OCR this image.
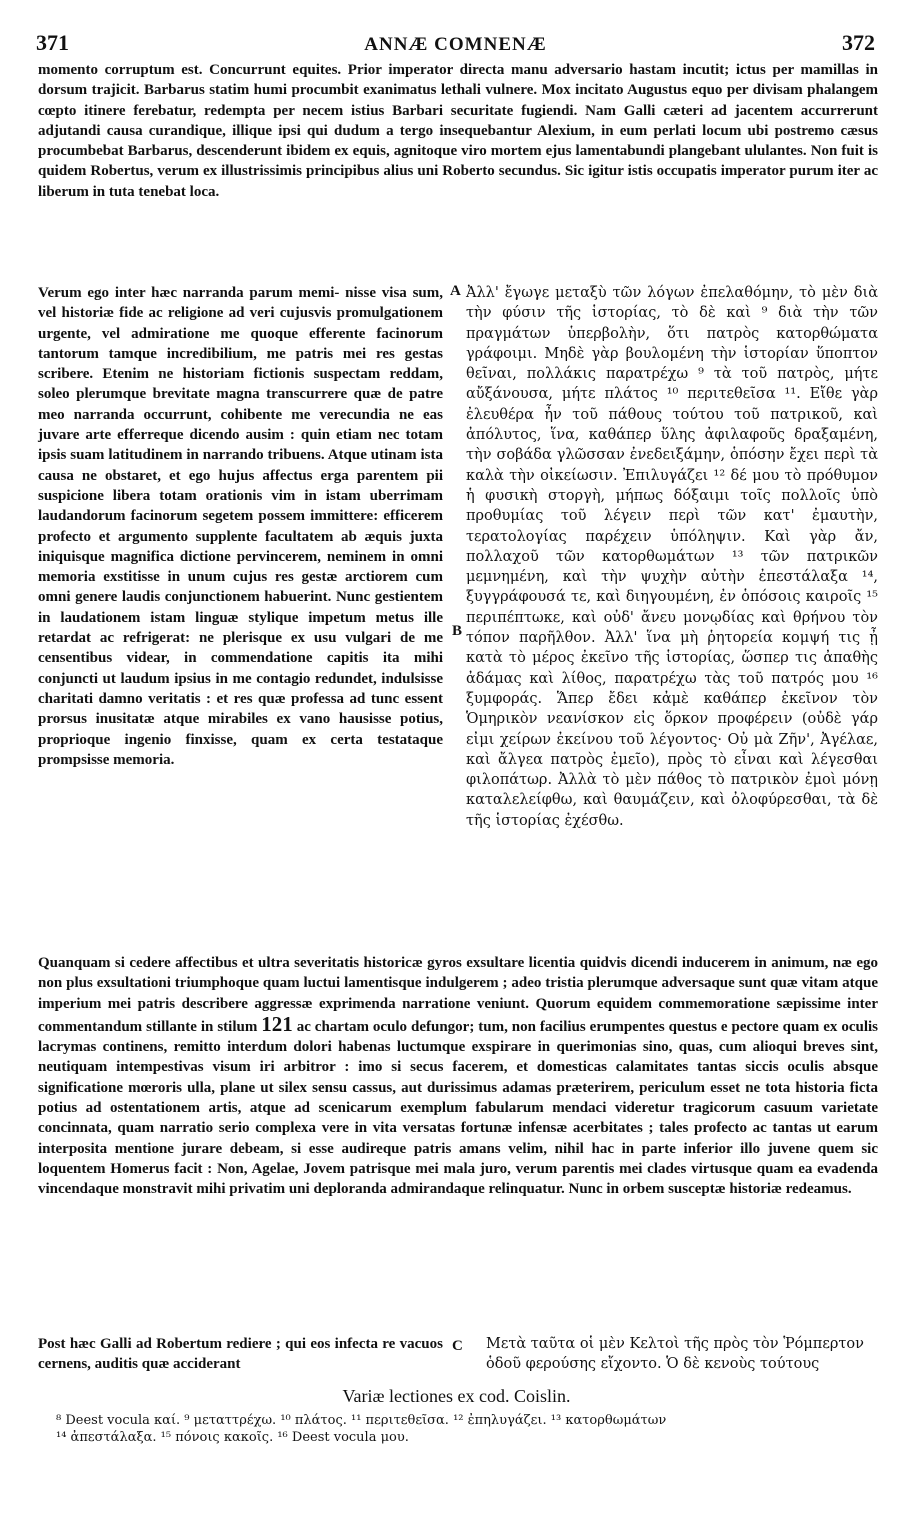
371	ANNÆ COMNENÆ	372

momento corruptum est. Concurrunt equites. Prior imperator directa manu adversario hastam incutit; ictus per mamillas in dorsum trajicit. Barbarus statim humi procumbit exanimatus lethali vulnere. Mox incitato Augustus equo per divisam phalangem cœpto itinere ferebatur, redempta per necem istius Barbari securitate fugiendi. Nam Galli cæteri ad jacentem accurrerunt adjutandi causa curandique, illique ipsi qui dudum a tergo insequebantur Alexium, in eum perlati locum ubi postremo cæsus procumbebat Barbarus, descenderunt ibidem ex equis, agnitoque viro mortem ejus lamentabundi plangebant ululantes. Non fuit is quidem Robertus, verum ex illustrissimis principibus alius uni Roberto secundus. Sic igitur istis occupatis imperator purum iter ac liberum in tuta tenebat loca.

Verum ego inter hæc narranda parum memi- nisse visa sum, vel historiæ fide ac religione ad veri cujusvis promulgationem urgente, vel admiratione me quoque efferente facinorum tantorum tamque incredibilium, me patris mei res gestas scribere. Etenim ne historiam fictionis suspectam reddam, soleo plerumque brevitate magna transcurrere quæ de patre meo narranda occurrunt, cohibente me verecundia ne eas juvare arte efferreque dicendo ausim : quin etiam nec totam ipsis suam latitudinem in narrando tribuens. Atque utinam ista causa ne obstaret, et ego hujus affectus erga parentem pii suspicione libera totam orationis vim in istam uberrimam laudandorum facinorum segetem possem immittere: efficerem profecto et argumento supplente facultatem ab æquis juxta iniquisque magnifica dictione pervincerem, neminem in omni memoria exstitisse in unum cujus res gestæ arctiorem cum omni genere laudis conjunctionem habuerint. Nunc gestientem in laudationem istam linguæ stylique impetum metus ille retardat ac refrigerat: ne plerisque ex usu vulgari de me censentibus videar, in commendatione capitis ita mihi conjuncti ut laudum ipsius in me contagio redundet, indulsisse charitati damno veritatis : et res quæ professa ad tunc essent prorsus inusitatæ atque mirabiles ex vano hausisse potius, proprioque ingenio finxisse, quam ex certa testataque prompsisse memoria.
A
B
Ἀλλ' ἔγωγε μεταξὺ τῶν λόγων ἐπελαθόμην, τὸ μὲν διὰ τὴν φύσιν τῆς ἱστορίας, τὸ δὲ καὶ ⁹ διὰ τὴν τῶν πραγμάτων ὑπερβολὴν, ὅτι πατρὸς κατορθώματα γράφοιμι. Μηδὲ γὰρ βουλομένη τὴν ἱστορίαν ὕποπτον θεῖναι, πολλάκις παρατρέχω ⁹ τὰ τοῦ πατρὸς, μήτε αὔξάνουσα, μήτε πλάτος ¹⁰ περιτεθεῖσα ¹¹. Εἴθε γὰρ ἐλευθέρα ἦν τοῦ πάθους τούτου τοῦ πατρικοῦ, καὶ ἀπόλυτος, ἵνα, καθάπερ ὕλης ἀφιλαφοῦς δραξαμένη, τὴν σοβάδα γλῶσσαν ἐνεδειξάμην, ὁπόσην ἔχει περὶ τὰ καλὰ τὴν οἰκείωσιν. Ἐπιλυγάζει ¹² δέ μου τὸ πρόθυμον ἡ φυσικὴ στοργὴ, μήπως δόξαιμι τοῖς πολλοῖς ὑπὸ προθυμίας τοῦ λέγειν περὶ τῶν κατ' ἐμαυτὴν, τερατολογίας παρέχειν ὑπόληψιν. Καὶ γὰρ ἄν, πολλαχοῦ τῶν κατορθωμάτων ¹³ τῶν πατρικῶν μεμνημένη, καὶ τὴν ψυχὴν αὐτὴν ἐπεστάλαξα ¹⁴, ξυγγράφουσά τε, καὶ διηγουμένη, ἐν ὁπόσοις καιροῖς ¹⁵ περιπέπτωκε, καὶ οὐδ' ἄνευ μονῳδίας καὶ θρήνου τὸν τόπον παρῆλθον. Ἀλλ' ἵνα μὴ ῥητορεία κομψή τις ᾖ κατὰ τὸ μέρος ἐκεῖνο τῆς ἱστορίας, ὥσπερ τις ἀπαθὴς ἀδάμας καὶ λίθος, παρατρέχω τὰς τοῦ πατρός μου ¹⁶ ξυμφοράς. Ἅπερ ἔδει κἀμὲ καθάπερ ἐκεῖνον τὸν Ὁμηρικὸν νεανίσκον εἰς ὅρκον προφέρειν (οὐδὲ γάρ εἰμι χείρων ἐκείνου τοῦ λέγοντος· Οὐ μὰ Ζῆν', Ἀγέλαε, καὶ ἄλγεα πατρὸς ἐμεῖο), πρὸς τὸ εἶναι καὶ λέγεσθαι φιλοπάτωρ. Ἀλλὰ τὸ μὲν πάθος τὸ πατρικὸν ἐμοὶ μόνῃ καταλελείφθω, καὶ θαυμάζειν, καὶ ὀλοφύρεσθαι, τὰ δὲ τῆς ἱστορίας ἐχέσθω.

Quanquam si cedere affectibus et ultra severitatis historicæ gyros exsultare licentia quidvis dicendi inducerem in animum, næ ego non plus exsultationi triumphoque quam luctui lamentisque indulgerem ; adeo tristia plerumque adversaque sunt quæ vitam atque imperium mei patris describere aggressæ exprimenda narratione veniunt. Quorum equidem commemoratione sæpissime inter commentandum stillante in stilum 121 ac chartam oculo defungor; tum, non facilius erumpentes questus e pectore quam ex oculis lacrymas continens, remitto interdum dolori habenas luctumque exspirare in querimonias sino, quas, cum alioqui breves sint, neutiquam intempestivas visum iri arbitror : imo si secus facerem, et domesticas calamitates tantas siccis oculis absque significatione mœroris ulla, plane ut silex sensu cassus, aut durissimus adamas præterirem, periculum esset ne tota historia ficta potius ad ostentationem artis, atque ad scenicarum exemplum fabularum mendaci videretur tragicorum casuum varietate concinnata, quam narratio serio complexa vere in vita versatas fortunæ infensæ acerbitates ; tales profecto ac tantas ut earum interposita mentione jurare debeam, si esse audireque patris amans velim, nihil hac in parte inferior illo juvene quem sic loquentem Homerus facit : Non, Agelae, Jovem patrisque mei mala juro, verum parentis mei clades virtusque quam ea evadenda vincendaque monstravit mihi privatim uni deploranda admirandaque relinquatur. Nunc in orbem susceptæ historiæ redeamus.

Post hæc Galli ad Robertum rediere ; qui eos infecta re vacuos cernens, auditis quæ acciderant
C Μετὰ ταῦτα οἱ μὲν Κελτοὶ τῆς πρὸς τὸν Ῥόμπερτον ὁδοῦ φερούσης εἴχοντο. Ὁ δὲ κενοὺς τούτους
Variæ lectiones ex cod. Coislin.

⁸ Deest vocula καί. ⁹ μεταττρέχω. ¹⁰ πλάτος. ¹¹ περιτεθεῖσα. ¹² ἐπηλυγάζει. ¹³ κατορθωμάτων

¹⁴ ἀπεστάλαξα. ¹⁵ πόνοις κακοῖς. ¹⁶ Deest vocula μου.
